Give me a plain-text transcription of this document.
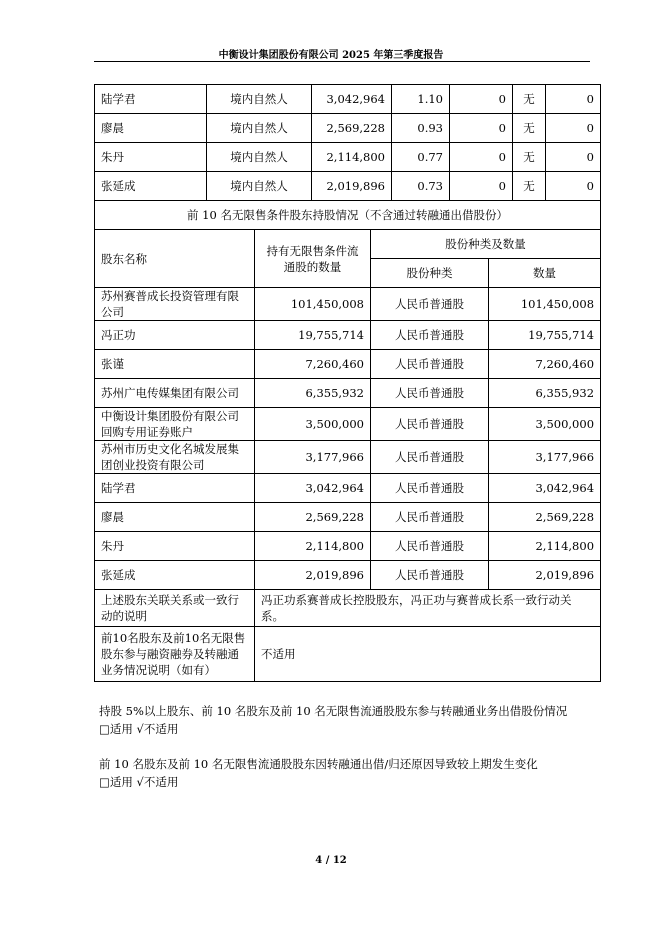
中衡设计集团股份有限公司 2025 年第三季度报告
陆学君	境内自然人	3,042,964	1.10	0	无	0
廖晨	境内自然人	2,569,228	0.93	0	无	0
朱丹	境内自然人	2,114,800	0.77	0	无	0
张延成	境内自然人	2,019,896	0.73	0	无	0
前 10 名无限售条件股东持股情况（不含通过转融通出借股份）			
股东名称	持有无限售条件流通股的数量	股份种类及数量	
		股份种类	数量
苏州赛普成长投资管理有限公司	101,450,008	人民币普通股	101,450,008
冯正功	19,755,714	人民币普通股	19,755,714
张谨	7,260,460	人民币普通股	7,260,460
苏州广电传媒集团有限公司	6,355,932	人民币普通股	6,355,932
中衡设计集团股份有限公司回购专用证券账户	3,500,000	人民币普通股	3,500,000
苏州市历史文化名城发展集团创业投资有限公司	3,177,966	人民币普通股	3,177,966
陆学君	3,042,964	人民币普通股	3,042,964
廖晨	2,569,228	人民币普通股	2,569,228
朱丹	2,114,800	人民币普通股	2,114,800
张延成	2,019,896	人民币普通股	2,019,896
上述股东关联关系或一致行动的说明	冯正功系赛普成长控股股东，冯正功与赛普成长系一致行动关系。		
前10名股东及前10名无限售股东参与融资融券及转融通业务情况说明（如有）	不适用		
持股 5%以上股东、前 10 名股东及前 10 名无限售流通股股东参与转融通业务出借股份情况
□适用 √不适用
前 10 名股东及前 10 名无限售流通股股东因转融通出借/归还原因导致较上期发生变化
□适用 √不适用
4 / 12
